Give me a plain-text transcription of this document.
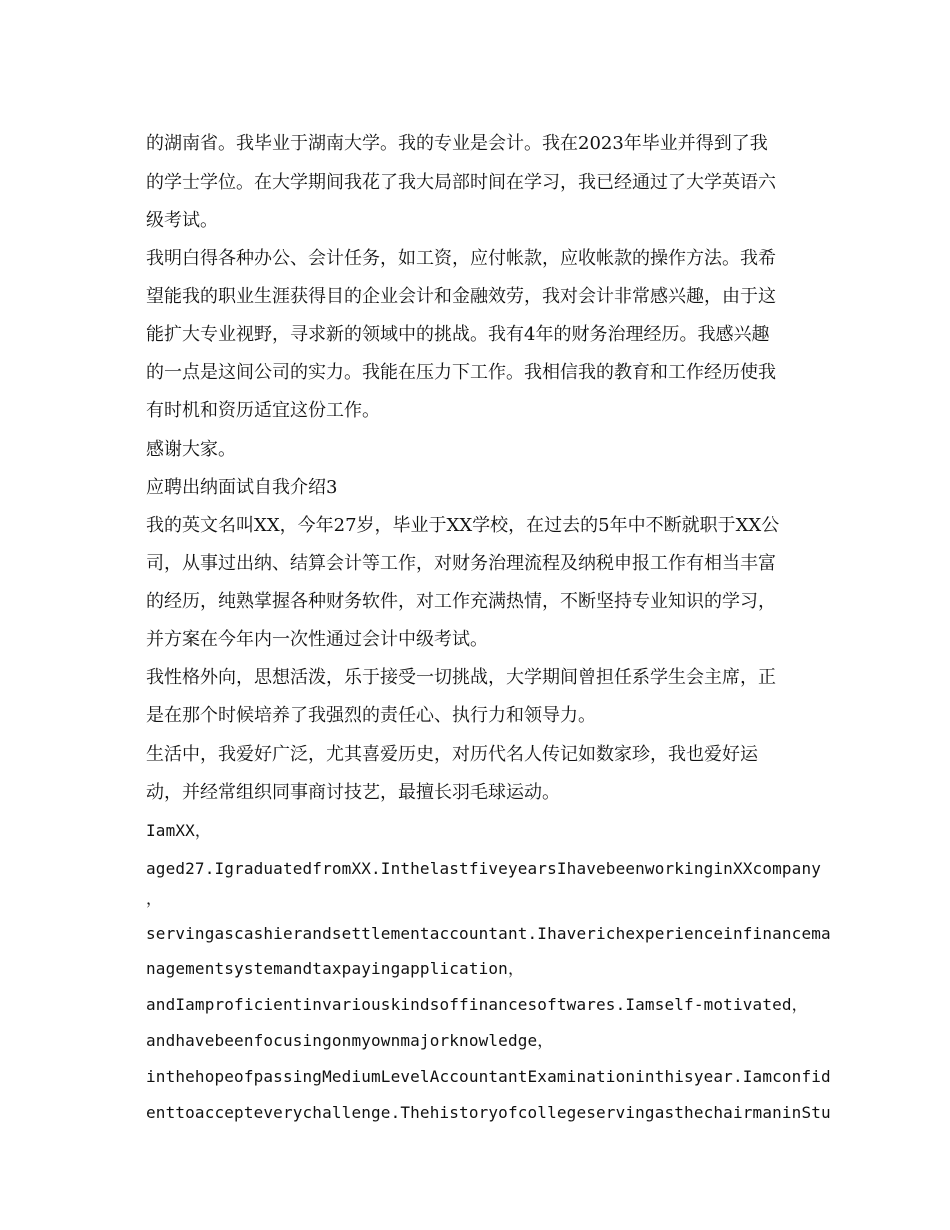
的湖南省。我毕业于湖南大学。我的专业是会计。我在2023年毕业并得到了我

的学士学位。在大学期间我花了我大局部时间在学习，我已经通过了大学英语六

级考试。

我明白得各种办公、会计任务，如工资，应付帐款，应收帐款的操作方法。我希

望能我的职业生涯获得目的企业会计和金融效劳，我对会计非常感兴趣，由于这

能扩大专业视野，寻求新的领域中的挑战。我有4年的财务治理经历。我感兴趣

的一点是这间公司的实力。我能在压力下工作。我相信我的教育和工作经历使我

有时机和资历适宜这份工作。

感谢大家。

应聘出纳面试自我介绍3

我的英文名叫XX，今年27岁，毕业于XX学校，在过去的5年中不断就职于XX公

司，从事过出纳、结算会计等工作，对财务治理流程及纳税申报工作有相当丰富

的经历，纯熟掌握各种财务软件，对工作充满热情，不断坚持专业知识的学习，

并方案在今年内一次性通过会计中级考试。

我性格外向，思想活泼，乐于接受一切挑战，大学期间曾担任系学生会主席，正

是在那个时候培养了我强烈的责任心、执行力和领导力。

生活中，我爱好广泛，尤其喜爱历史，对历代名人传记如数家珍，我也爱好运

动，并经常组织同事商讨技艺，最擅长羽毛球运动。

IamXX，

aged27.IgraduatedfromXX.InthelastfiveyearsIhavebeenworkinginXXcompany

，

servingascashierandsettlementaccountant.Ihaverichexperienceinfinancema

nagementsystemandtaxpayingapplication，

andIamproficientinvariouskindsoffinancesoftwares.Iamself-motivated，

andhavebeenfocusingonmyownmajorknowledge，

inthehopeofpassingMediumLevelAccountantExaminationinthisyear.Iamconfid

enttoaccepteverychallenge.ThehistoryofcollegeservingasthechairmaninStu
